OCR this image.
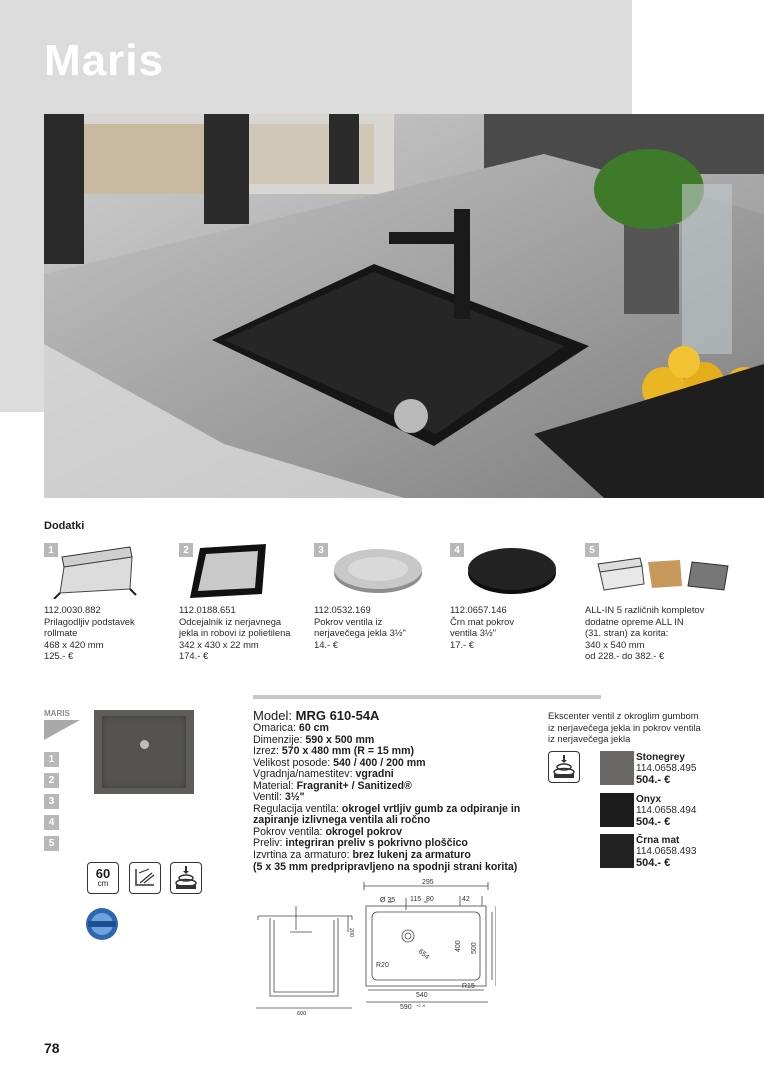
Maris
Dodatki
1
112.0030.882
Prilagodljiv podstavek
rollmate
468 x 420 mm
125.- €
2
112.0188.651
Odcejalnik iz nerjavnega
jekla in robovi iz polietilena
342 x 430 x 22 mm
174.- €
3
112.0532.169
Pokrov ventila iz
nerjavečega jekla 3½"
14.- €
4
112.0657.146
Črn mat pokrov
ventila 3½"
17.- €
5
ALL-IN 5 različnih kompletov
dodatne opreme ALL IN
(31. stran) za korita:
340 x 540 mm
od 228.- do 382.- €
MARIS
1
2
3
4
5
60
cm
Model: MRG 610-54A
Omarica: 60 cm
Dimenzije: 590 x 500 mm
Izrez: 570 x 480 mm (R = 15 mm)
Velikost posode: 540 / 400 / 200 mm
Vgradnja/namestitev: vgradni
Material: Fragranit+ / Sanitized®
Ventil: 3½"
Regulacija ventila: okrogel vrtljiv gumb za odpiranje in
zapiranje izlivnega ventila ali ročno
Pokrov ventila: okrogel pokrov
Preliv: integriran preliv s pokrivno ploščico
Izvrtina za armaturo: brez lukenj za armaturo
(5 x 35 mm predpripravljeno na spodnji strani korita)
Ekscenter ventil z okroglim gumbom
iz nerjavečega jekla in pokrov ventila
iz nerjavečega jekla
Stonegrey
114.0658.495
504.- €
Onyx
114.0658.494
504.- €
Črna mat
114.0658.493
504.- €
600
200
295
Ø 35 115 80	42
654
R20
400 500
540
R15
590 +2 -0
78
